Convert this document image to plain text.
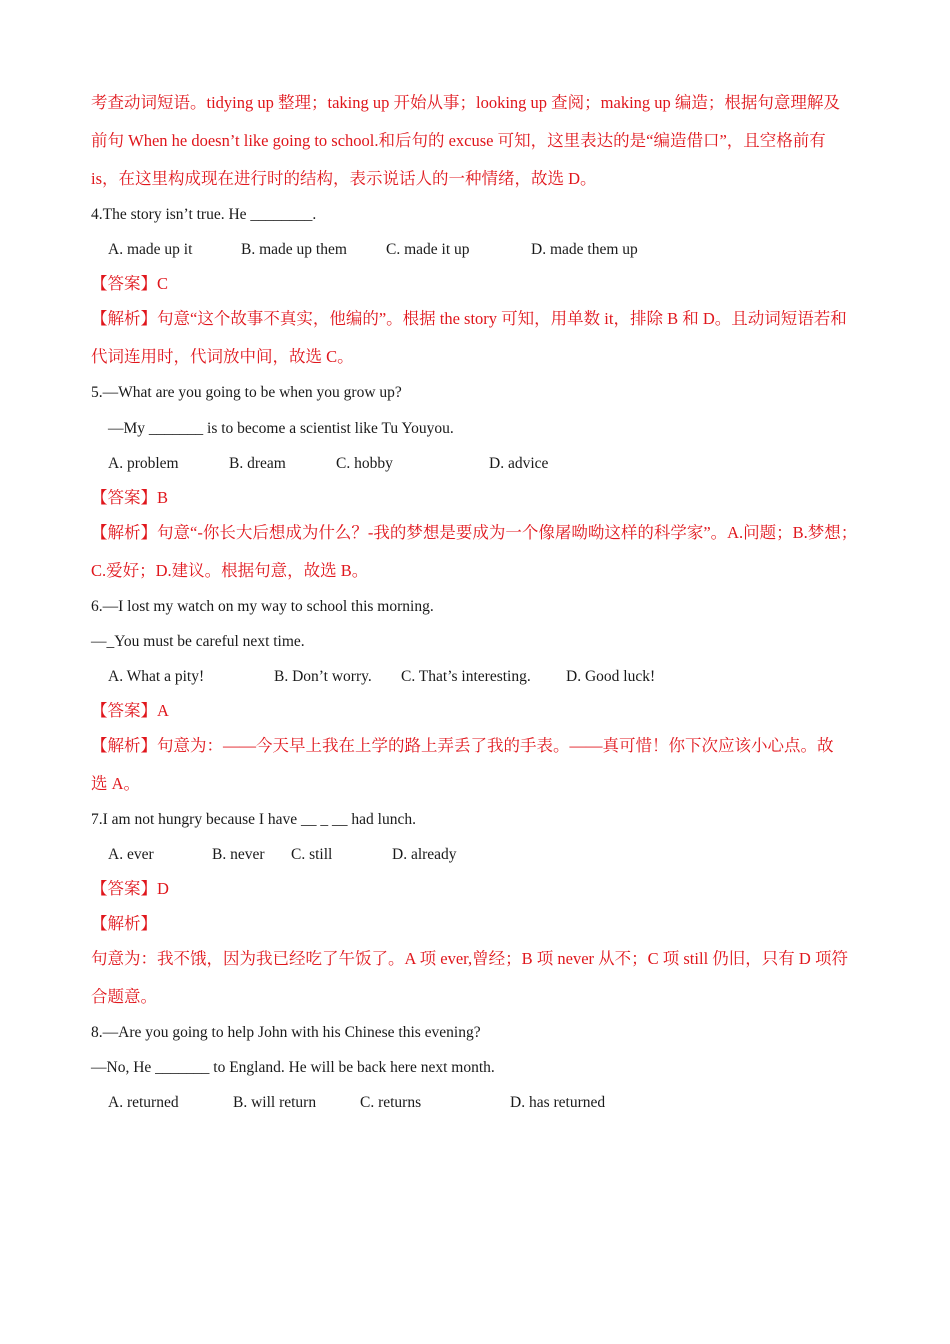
考查动词短语。tidying up 整理；taking up 开始从事；looking up 查阅；making up 编造；根据句意理解及
前句 When he doesn’t like going to school.和后句的 excuse 可知，这里表达的是“编造借口”，且空格前有
is，在这里构成现在进行时的结构，表示说话人的一种情绪，故选 D。
4.The story isn’t true. He ________.
A. made up it	B. made up them	C. made it up	D. made them up
【答案】C
【解析】句意“这个故事不真实，他编的”。根据 the story 可知，用单数 it，排除 B 和 D。且动词短语若和
代词连用时，代词放中间，故选 C。
5.—What are you going to be when you grow up?
—My _______ is to become a scientist like Tu Youyou.
A. problem	B. dream	C. hobby	D. advice
【答案】B
【解析】句意“-你长大后想成为什么？-我的梦想是要成为一个像屠呦呦这样的科学家”。A.问题；B.梦想；
C.爱好；D.建议。根据句意，故选 B。
6.—I lost my watch on my way to school this morning.
—_You must be careful next time.
A. What a pity!	B. Don’t worry. C. That’s interesting. D. Good luck!
【答案】A
【解析】句意为：——今天早上我在上学的路上弄丢了我的手表。——真可惜！你下次应该小心点。故
选 A。
7.I am not hungry because I have __ _ __ had lunch.
A. ever	B. never C. still	D. already
【答案】D
【解析】
句意为：我不饿，因为我已经吃了午饭了。A 项 ever,曾经；B 项 never 从不；C 项 still 仍旧，只有 D 项符
合题意。
8.—Are you going to help John with his Chinese this evening?
—No, He _______ to England. He will be back here next month.
A. returned	B. will return	C. returns	D. has returned
